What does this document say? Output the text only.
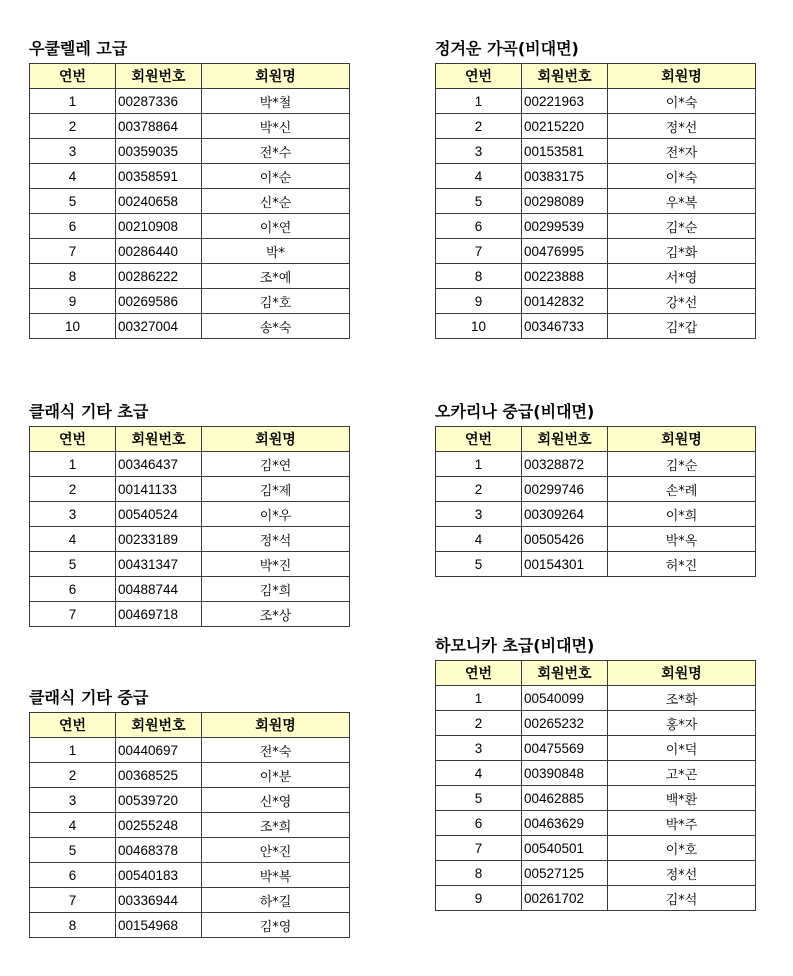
우쿨렐레 고급
연번	회원번호	회원명
1	00287336	박*철
2	00378864	박*신
3	00359035	전*수
4	00358591	이*순
5	00240658	신*순
6	00210908	이*연
7	00286440	박*
8	00286222	조*예
9	00269586	김*호
10	00327004	송*숙
정겨운 가곡(비대면)
연번	회원번호	회원명
1	00221963	이*숙
2	00215220	정*선
3	00153581	전*자
4	00383175	이*숙
5	00298089	우*복
6	00299539	김*순
7	00476995	김*화
8	00223888	서*영
9	00142832	강*선
10	00346733	김*갑
클래식 기타 초급
연번	회원번호	회원명
1	00346437	김*연
2	00141133	김*제
3	00540524	이*우
4	00233189	정*석
5	00431347	박*진
6	00488744	김*희
7	00469718	조*상
오카리나 중급(비대면)
연번	회원번호	회원명
1	00328872	김*순
2	00299746	손*례
3	00309264	이*희
4	00505426	박*옥
5	00154301	허*진
하모니카 초급(비대면)
연번	회원번호	회원명
1	00540099	조*화
2	00265232	홍*자
3	00475569	이*덕
4	00390848	고*곤
5	00462885	백*환
6	00463629	박*주
7	00540501	이*호
8	00527125	정*선
9	00261702	김*석
클래식 기타 중급
연번	회원번호	회원명
1	00440697	전*숙
2	00368525	이*분
3	00539720	신*영
4	00255248	조*희
5	00468378	안*진
6	00540183	박*복
7	00336944	하*길
8	00154968	김*영
